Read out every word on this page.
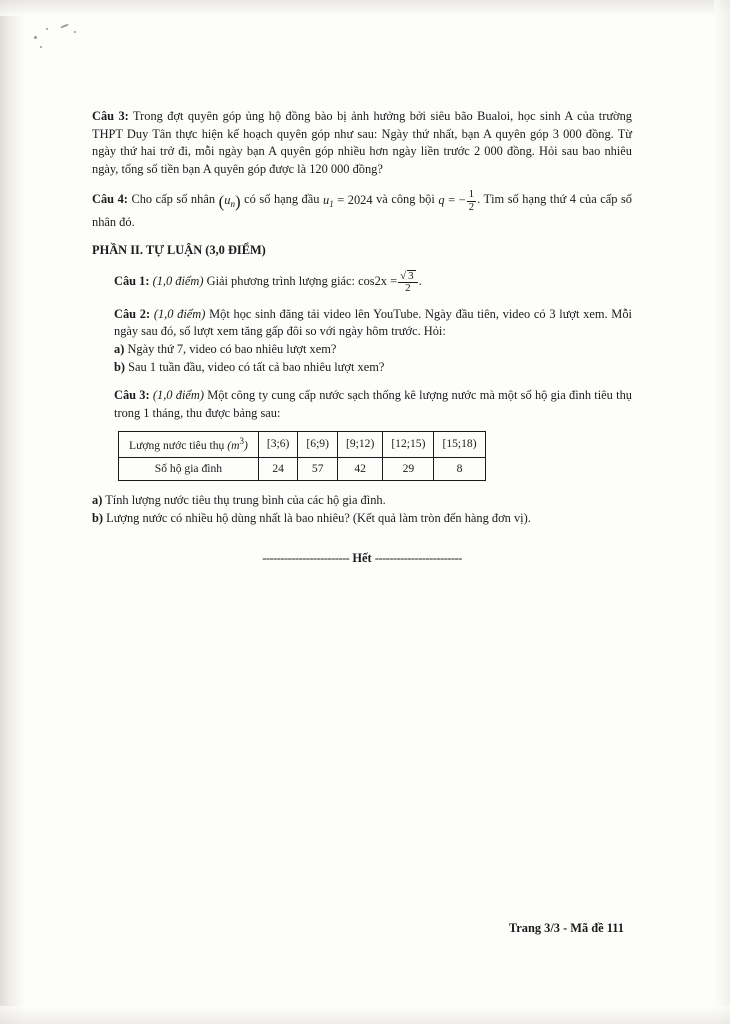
Câu 3: Trong đợt quyên góp ủng hộ đồng bào bị ảnh hưởng bởi siêu bão Bualoi, học sinh A của trường THPT Duy Tân thực hiện kế hoạch quyên góp như sau: Ngày thứ nhất, bạn A quyên góp 3 000 đồng. Từ ngày thứ hai trở đi, mỗi ngày bạn A quyên góp nhiều hơn ngày liền trước 2 000 đồng. Hỏi sau bao nhiêu ngày, tổng số tiền bạn A quyên góp được là 120 000 đồng?
Câu 4: Cho cấp số nhân $(u_n)$ có số hạng đầu $u_1 = 2024$ và công bội q = − $\frac{1}{2}$ . Tìm số hạng thứ 4 của cấp số nhân đó.
PHẦN II. TỰ LUẬN (3,0 ĐIỂM)
Câu 1: (1,0 điểm) Giải phương trình lượng giác: $\cos 2x = \frac{√ 3}{2}$ .
Câu 2: (1,0 điểm) Một học sinh đăng tải video lên YouTube. Ngày đầu tiên, video có 3 lượt xem. Mỗi ngày sau đó, số lượt xem tăng gấp đôi so với ngày hôm trước. Hỏi:
a) Ngày thứ 7, video có bao nhiêu lượt xem?
b) Sau 1 tuần đầu, video có tất cả bao nhiêu lượt xem?
Câu 3: (1,0 điểm) Một công ty cung cấp nước sạch thống kê lượng nước mà một số hộ gia đình tiêu thụ trong 1 tháng, thu được bảng sau:
Lượng nước tiêu thụ $(m^3)$	[3;6)	[6;9)	[9;12)	[12;15)	[15;18)
Số hộ gia đình	24	57	42	29	8
a) Tính lượng nước tiêu thụ trung bình của các hộ gia đình.
b) Lượng nước có nhiều hộ dùng nhất là bao nhiêu? (Kết quả làm tròn đến hàng đơn vị).
------------------------ Hết ------------------------
Trang 3/3 - Mã đề 111
